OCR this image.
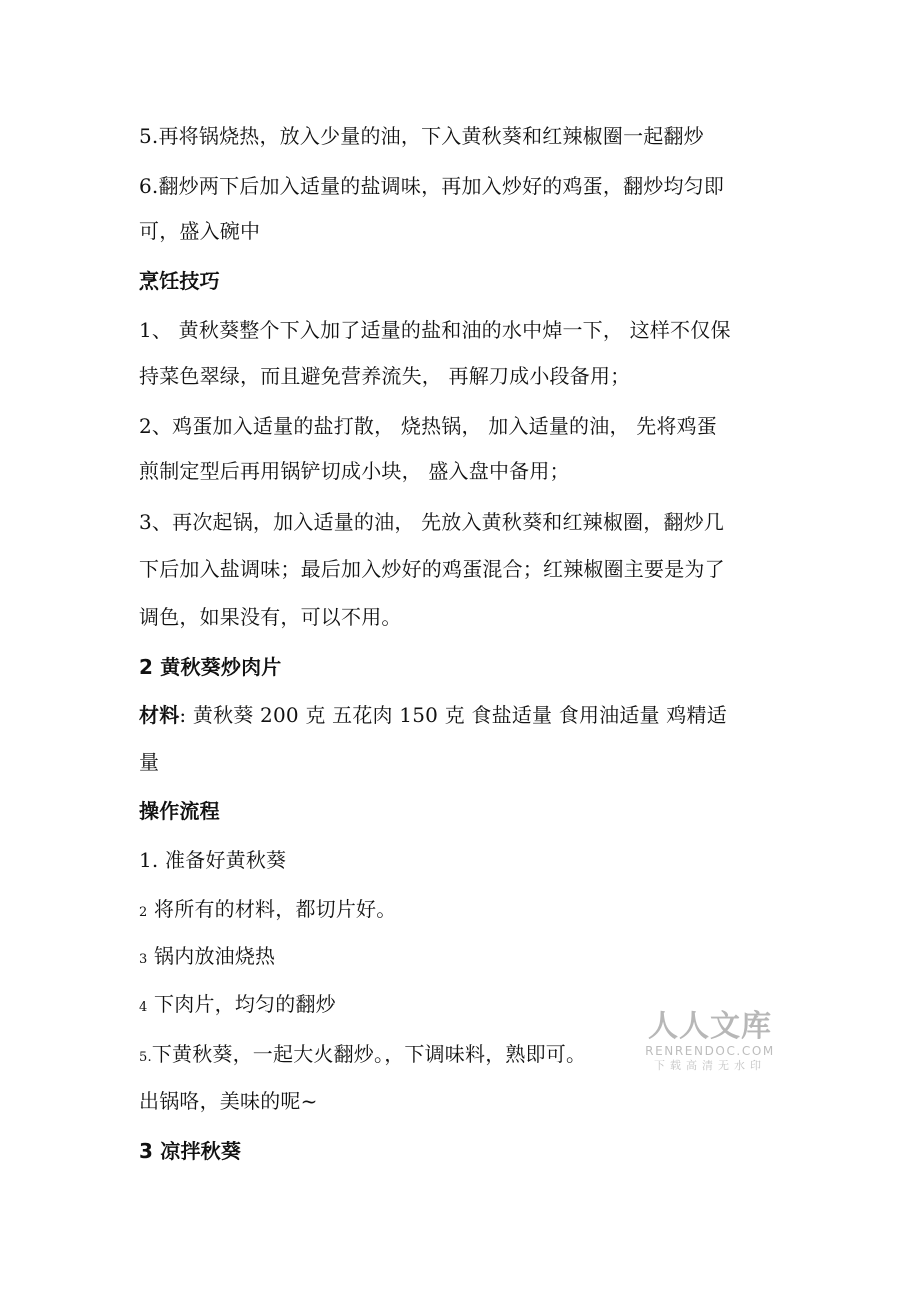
5.再将锅烧热，放入少量的油，下入黄秋葵和红辣椒圈一起翻炒
6.翻炒两下后加入适量的盐调味，再加入炒好的鸡蛋，翻炒均匀即
可，盛入碗中
烹饪技巧
1、 黄秋葵整个下入加了适量的盐和油的水中焯一下， 这样不仅保
持菜色翠绿，而且避免营养流失， 再解刀成小段备用；
2、鸡蛋加入适量的盐打散， 烧热锅， 加入适量的油， 先将鸡蛋
煎制定型后再用锅铲切成小块， 盛入盘中备用；
3、再次起锅，加入适量的油， 先放入黄秋葵和红辣椒圈，翻炒几
下后加入盐调味；最后加入炒好的鸡蛋混合；红辣椒圈主要是为了
调色，如果没有，可以不用。
2 黄秋葵炒肉片
材料: 黄秋葵 200 克 五花肉 150 克 食盐适量 食用油适量 鸡精适
量
操作流程
1. 准备好黄秋葵
2 将所有的材料，都切片好。
3 锅内放油烧热
4 下肉片，均匀的翻炒
5.下黄秋葵，一起大火翻炒。，下调味料，熟即可。
出锅咯，美味的呢~
3 凉拌秋葵
人人文库
RENRENDOC.COM
下载高清无水印
